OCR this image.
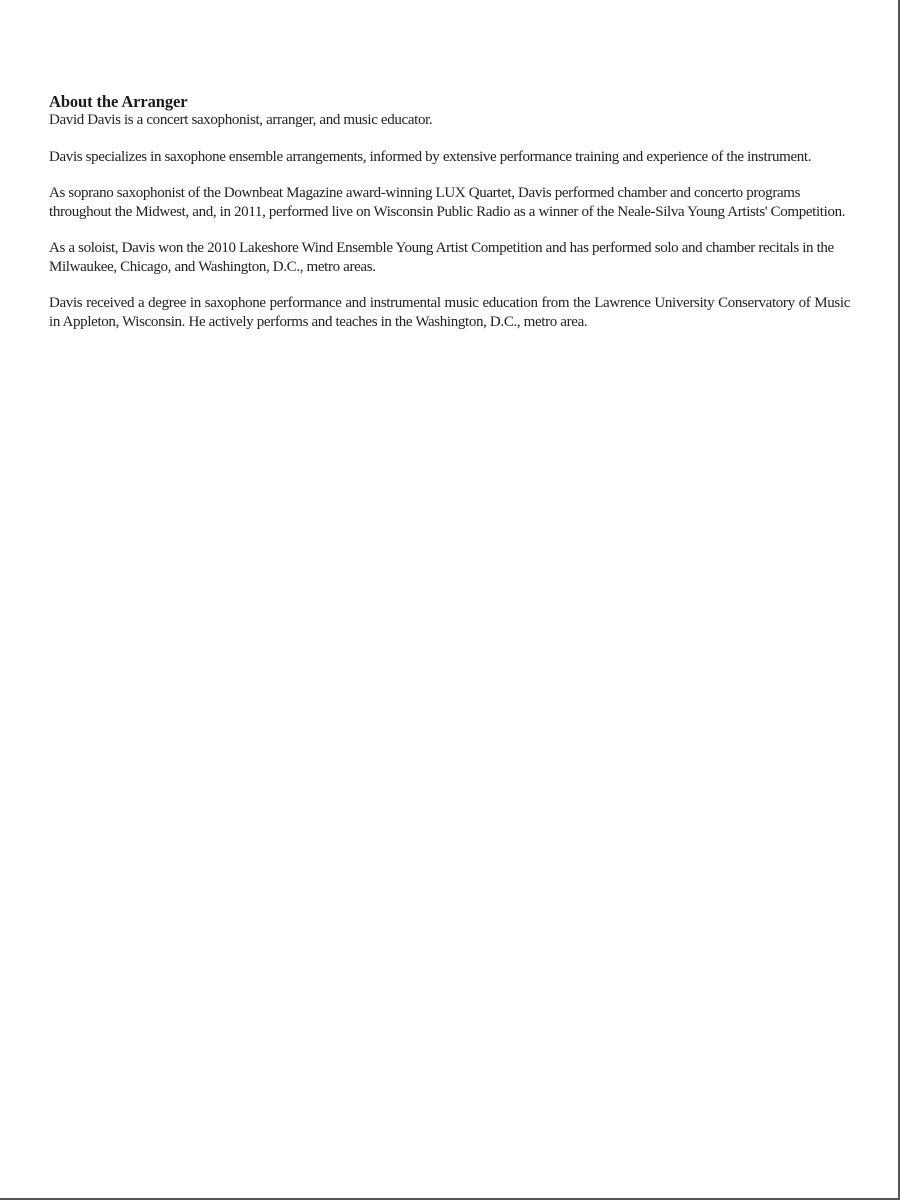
About the Arranger

David Davis is a concert saxophonist, arranger, and music educator.

Davis specializes in saxophone ensemble arrangements, informed by extensive performance training and experience of the instrument.

As soprano saxophonist of the Downbeat Magazine award-winning LUX Quartet, Davis performed chamber and concerto programs throughout the Midwest, and, in 2011, performed live on Wisconsin Public Radio as a winner of the Neale-Silva Young Artists' Competition.

As a soloist, Davis won the 2010 Lakeshore Wind Ensemble Young Artist Competition and has performed solo and chamber recitals in the Milwaukee, Chicago, and Washington, D.C., metro areas.

Davis received a degree in saxophone performance and instrumental music education from the Lawrence University Conservatory of Music in Appleton, Wisconsin. He actively performs and teaches in the Washington, D.C., metro area.
